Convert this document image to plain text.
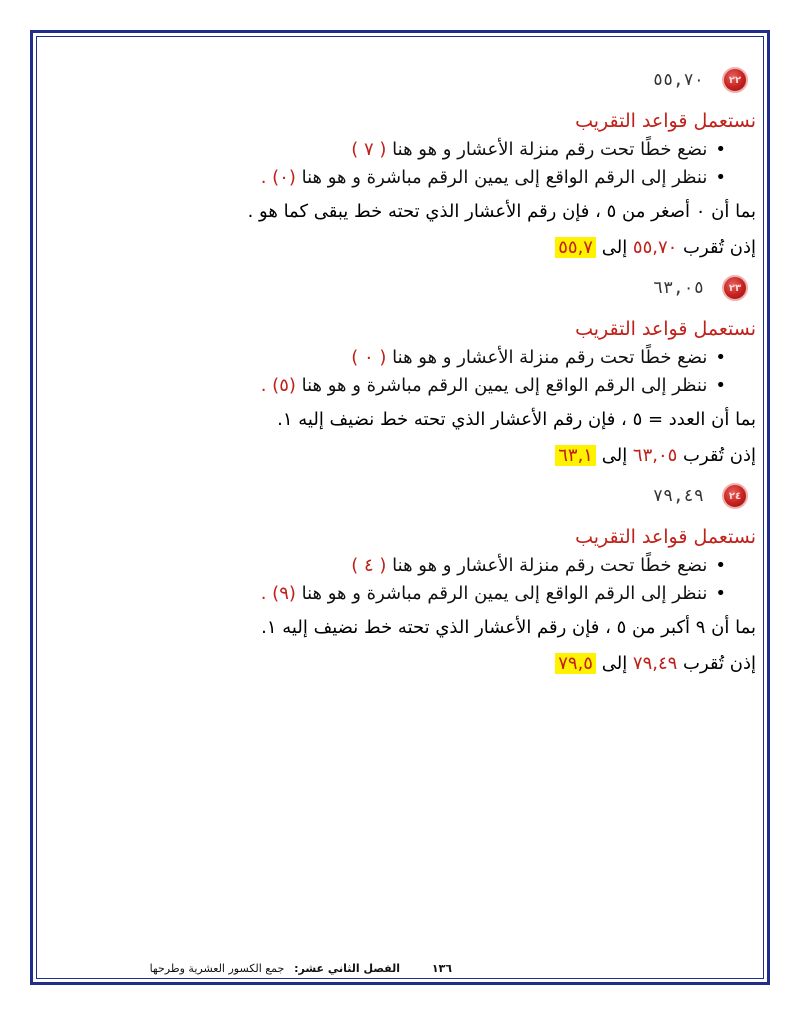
٢٢
٥٥,٧٠
نستعمل قواعد التقريب
• نضع خطًا تحت رقم منزلة الأعشار و هو هنا ( ٧ )
• ننظر إلى الرقم الواقع إلى يمين الرقم مباشرة و هو هنا (٠) .
بما أن ٠ أصغر من ٥ ، فإن رقم الأعشار الذي تحته خط يبقى كما هو .
إذن تُقرب ٥٥,٧٠ إلى ٥٥,٧
٢٣
٦٣,٠٥
نستعمل قواعد التقريب
• نضع خطًا تحت رقم منزلة الأعشار و هو هنا ( ٠ )
• ننظر إلى الرقم الواقع إلى يمين الرقم مباشرة و هو هنا (٥) .
بما أن العدد = ٥ ، فإن رقم الأعشار الذي تحته خط نضيف إليه ١.
إذن تُقرب ٦٣,٠٥ إلى ٦٣,١
٢٤
٧٩,٤٩
نستعمل قواعد التقريب
• نضع خطًا تحت رقم منزلة الأعشار و هو هنا ( ٤ )
• ننظر إلى الرقم الواقع إلى يمين الرقم مباشرة و هو هنا (٩) .
بما أن ٩ أكبر من ٥ ، فإن رقم الأعشار الذي تحته خط نضيف إليه ١.
إذن تُقرب ٧٩,٤٩ إلى ٧٩,٥
١٣٦ الفصل الثاني عشر: جمع الكسور العشرية وطرحها
